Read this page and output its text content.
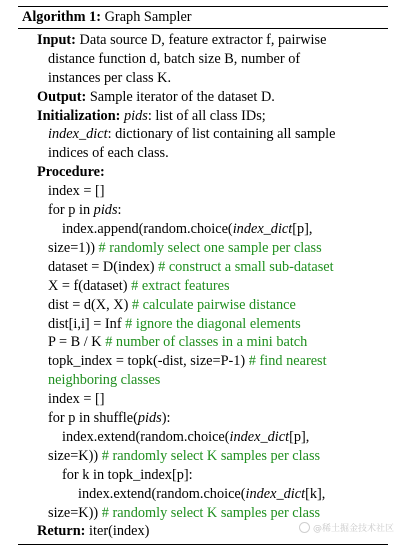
Algorithm 1: Graph Sampler
Input: Data source D, feature extractor f, pairwise
distance function d, batch size B, number of
instances per class K.
Output: Sample iterator of the dataset D.
Initialization: pids: list of all class IDs;
index_dict: dictionary of list containing all sample
indices of each class.
Procedure:
index = []
for p in pids:
index.append(random.choice(index_dict[p],
size=1)) # randomly select one sample per class
dataset = D(index) # construct a small sub-dataset
X = f(dataset) # extract features
dist = d(X, X) # calculate pairwise distance
dist[i,i] = Inf # ignore the diagonal elements
P = B / K # number of classes in a mini batch
topk_index = topk(-dist, size=P-1) # find nearest
neighboring classes
index = []
for p in shuffle(pids):
index.extend(random.choice(index_dict[p],
size=K)) # randomly select K samples per class
for k in topk_index[p]:
index.extend(random.choice(index_dict[k],
size=K)) # randomly select K samples per class
Return: iter(index)	@稀土掘金技术社区
